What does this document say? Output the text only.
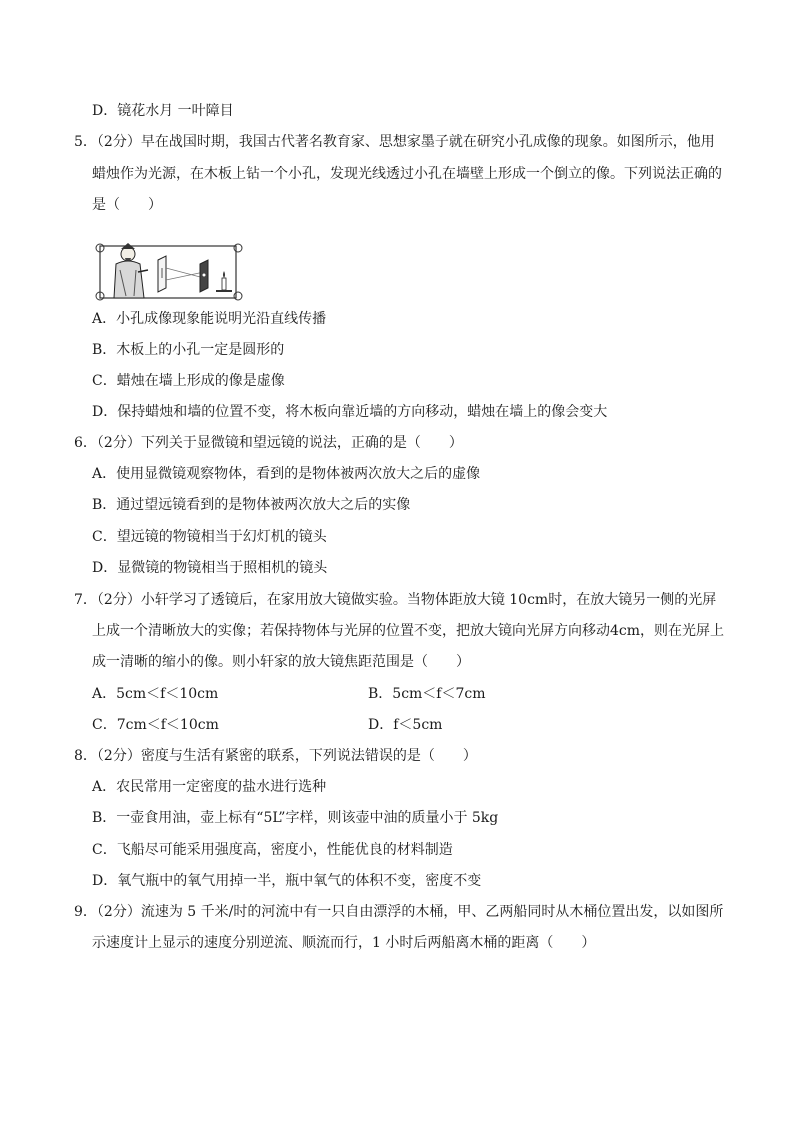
D．镜花水月 一叶障目
5．（2分）早在战国时期，我国古代著名教育家、思想家墨子就在研究小孔成像的现象。如图所示，他用
蜡烛作为光源，在木板上钻一个小孔，发现光线透过小孔在墙壁上形成一个倒立的像。下列说法正确的
是（　　）
A．小孔成像现象能说明光沿直线传播
B．木板上的小孔一定是圆形的
C．蜡烛在墙上形成的像是虚像
D．保持蜡烛和墙的位置不变，将木板向靠近墙的方向移动，蜡烛在墙上的像会变大
6．（2分）下列关于显微镜和望远镜的说法，正确的是（　　）
A．使用显微镜观察物体，看到的是物体被两次放大之后的虚像
B．通过望远镜看到的是物体被两次放大之后的实像
C．望远镜的物镜相当于幻灯机的镜头
D．显微镜的物镜相当于照相机的镜头
7．（2分）小轩学习了透镜后，在家用放大镜做实验。当物体距放大镜 10cm时，在放大镜另一侧的光屏
上成一个清晰放大的实像；若保持物体与光屏的位置不变，把放大镜向光屏方向移动4cm，则在光屏上
成一清晰的缩小的像。则小轩家的放大镜焦距范围是（　　）
A．5cm＜f＜10cm	B．5cm＜f＜7cm
C．7cm＜f＜10cm	D．f＜5cm
8．（2分）密度与生活有紧密的联系，下列说法错误的是（　　）
A．农民常用一定密度的盐水进行选种
B．一壶食用油，壶上标有“5L”字样，则该壶中油的质量小于 5kg
C．飞船尽可能采用强度高，密度小，性能优良的材料制造
D．氧气瓶中的氧气用掉一半，瓶中氧气的体积不变，密度不变
9．（2分）流速为 5 千米/时的河流中有一只自由漂浮的木桶，甲、乙两船同时从木桶位置出发，以如图所
示速度计上显示的速度分别逆流、顺流而行，1 小时后两船离木桶的距离（　　）
